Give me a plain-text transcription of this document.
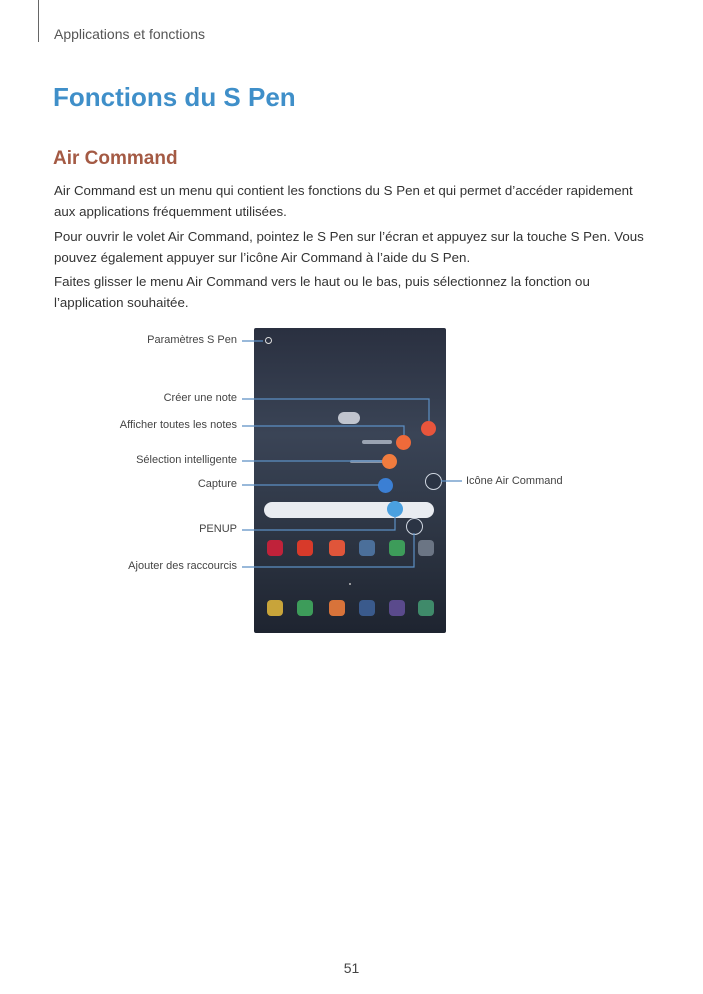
Applications et fonctions
Fonctions du S Pen
Air Command

Air Command est un menu qui contient les fonctions du S Pen et qui permet d’accéder rapidement aux applications fréquemment utilisées.

Pour ouvrir le volet Air Command, pointez le S Pen sur l’écran et appuyez sur la touche S Pen. Vous pouvez également appuyer sur l’icône Air Command à l’aide du S Pen.

Faites glisser le menu Air Command vers le haut ou le bas, puis sélectionnez la fonction ou l’application souhaitée.

Paramètres S Pen
Créer une note
Afficher toutes les notes
Sélection intelligente
Capture
PENUP
Ajouter des raccourcis
Icône Air Command
51
